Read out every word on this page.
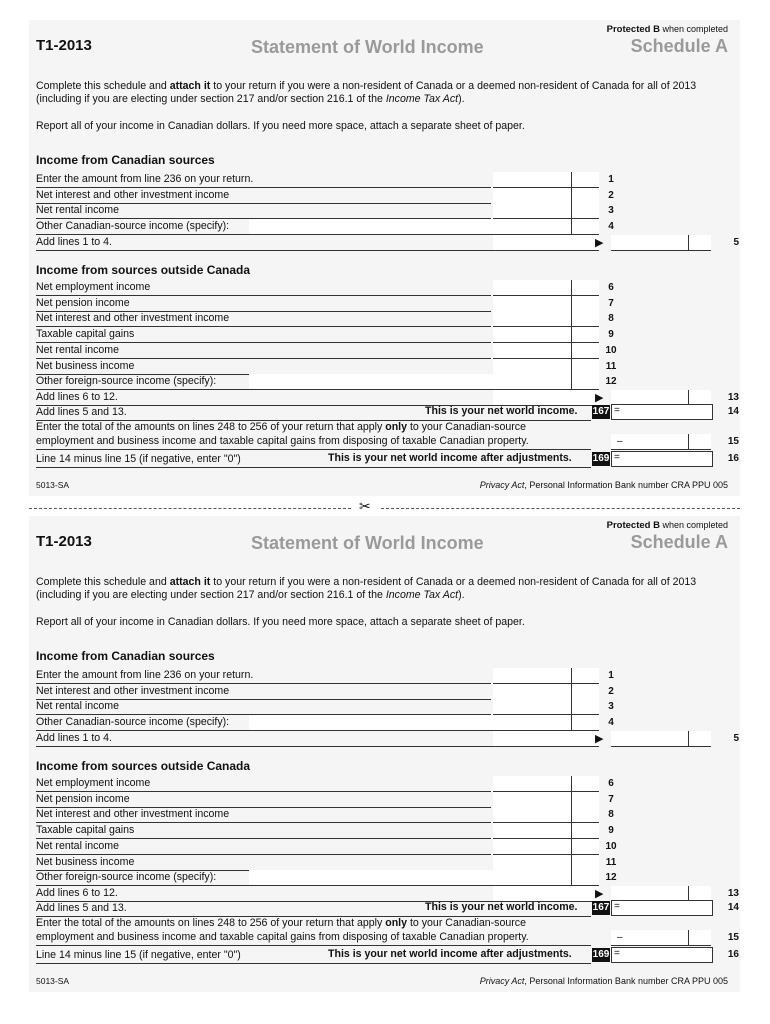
T1-2013	Statement of World Income
Protected B when completed
Schedule A
Complete this schedule and attach it to your return if you were a non-resident of Canada or a deemed non-resident of Canada for all of 2013 (including if you are electing under section 217 and/or section 216.1 of the Income Tax Act).
Report all of your income in Canadian dollars. If you need more space, attach a separate sheet of paper.
Income from Canadian sources
Enter the amount from line 236 on your return.	1
Net interest and other investment income	2
Net rental income	3
Other Canadian-source income (specify):	4
Add lines 1 to 4.	▶	5
Income from sources outside Canada
Net employment income	6
Net pension income	7
Net interest and other investment income	8
Taxable capital gains	9
Net rental income	10
Net business income	11
Other foreign-source income (specify):	12
Add lines 6 to 12.	▶	13
Add lines 5 and 13.	This is your net world income. 167 =	14
Enter the total of the amounts on lines 248 to 256 of your return that apply only to your Canadian-source
employment and business income and taxable capital gains from disposing of taxable Canadian property.	–	15
Line 14 minus line 15 (if negative, enter "0")	This is your net world income after adjustments. 169 =	16
5013-SA	Privacy Act, Personal Information Bank number CRA PPU 005
✂
T1-2013	Statement of World Income
Protected B when completed
Schedule A
Complete this schedule and attach it to your return if you were a non-resident of Canada or a deemed non-resident of Canada for all of 2013 (including if you are electing under section 217 and/or section 216.1 of the Income Tax Act).
Report all of your income in Canadian dollars. If you need more space, attach a separate sheet of paper.
Income from Canadian sources
Enter the amount from line 236 on your return.	1
Net interest and other investment income	2
Net rental income	3
Other Canadian-source income (specify):	4
Add lines 1 to 4.	▶	5
Income from sources outside Canada
Net employment income	6
Net pension income	7
Net interest and other investment income	8
Taxable capital gains	9
Net rental income	10
Net business income	11
Other foreign-source income (specify):	12
Add lines 6 to 12.	▶	13
Add lines 5 and 13.	This is your net world income. 167 =	14
Enter the total of the amounts on lines 248 to 256 of your return that apply only to your Canadian-source
employment and business income and taxable capital gains from disposing of taxable Canadian property.	–	15
Line 14 minus line 15 (if negative, enter "0")	This is your net world income after adjustments. 169 =	16
5013-SA	Privacy Act, Personal Information Bank number CRA PPU 005
